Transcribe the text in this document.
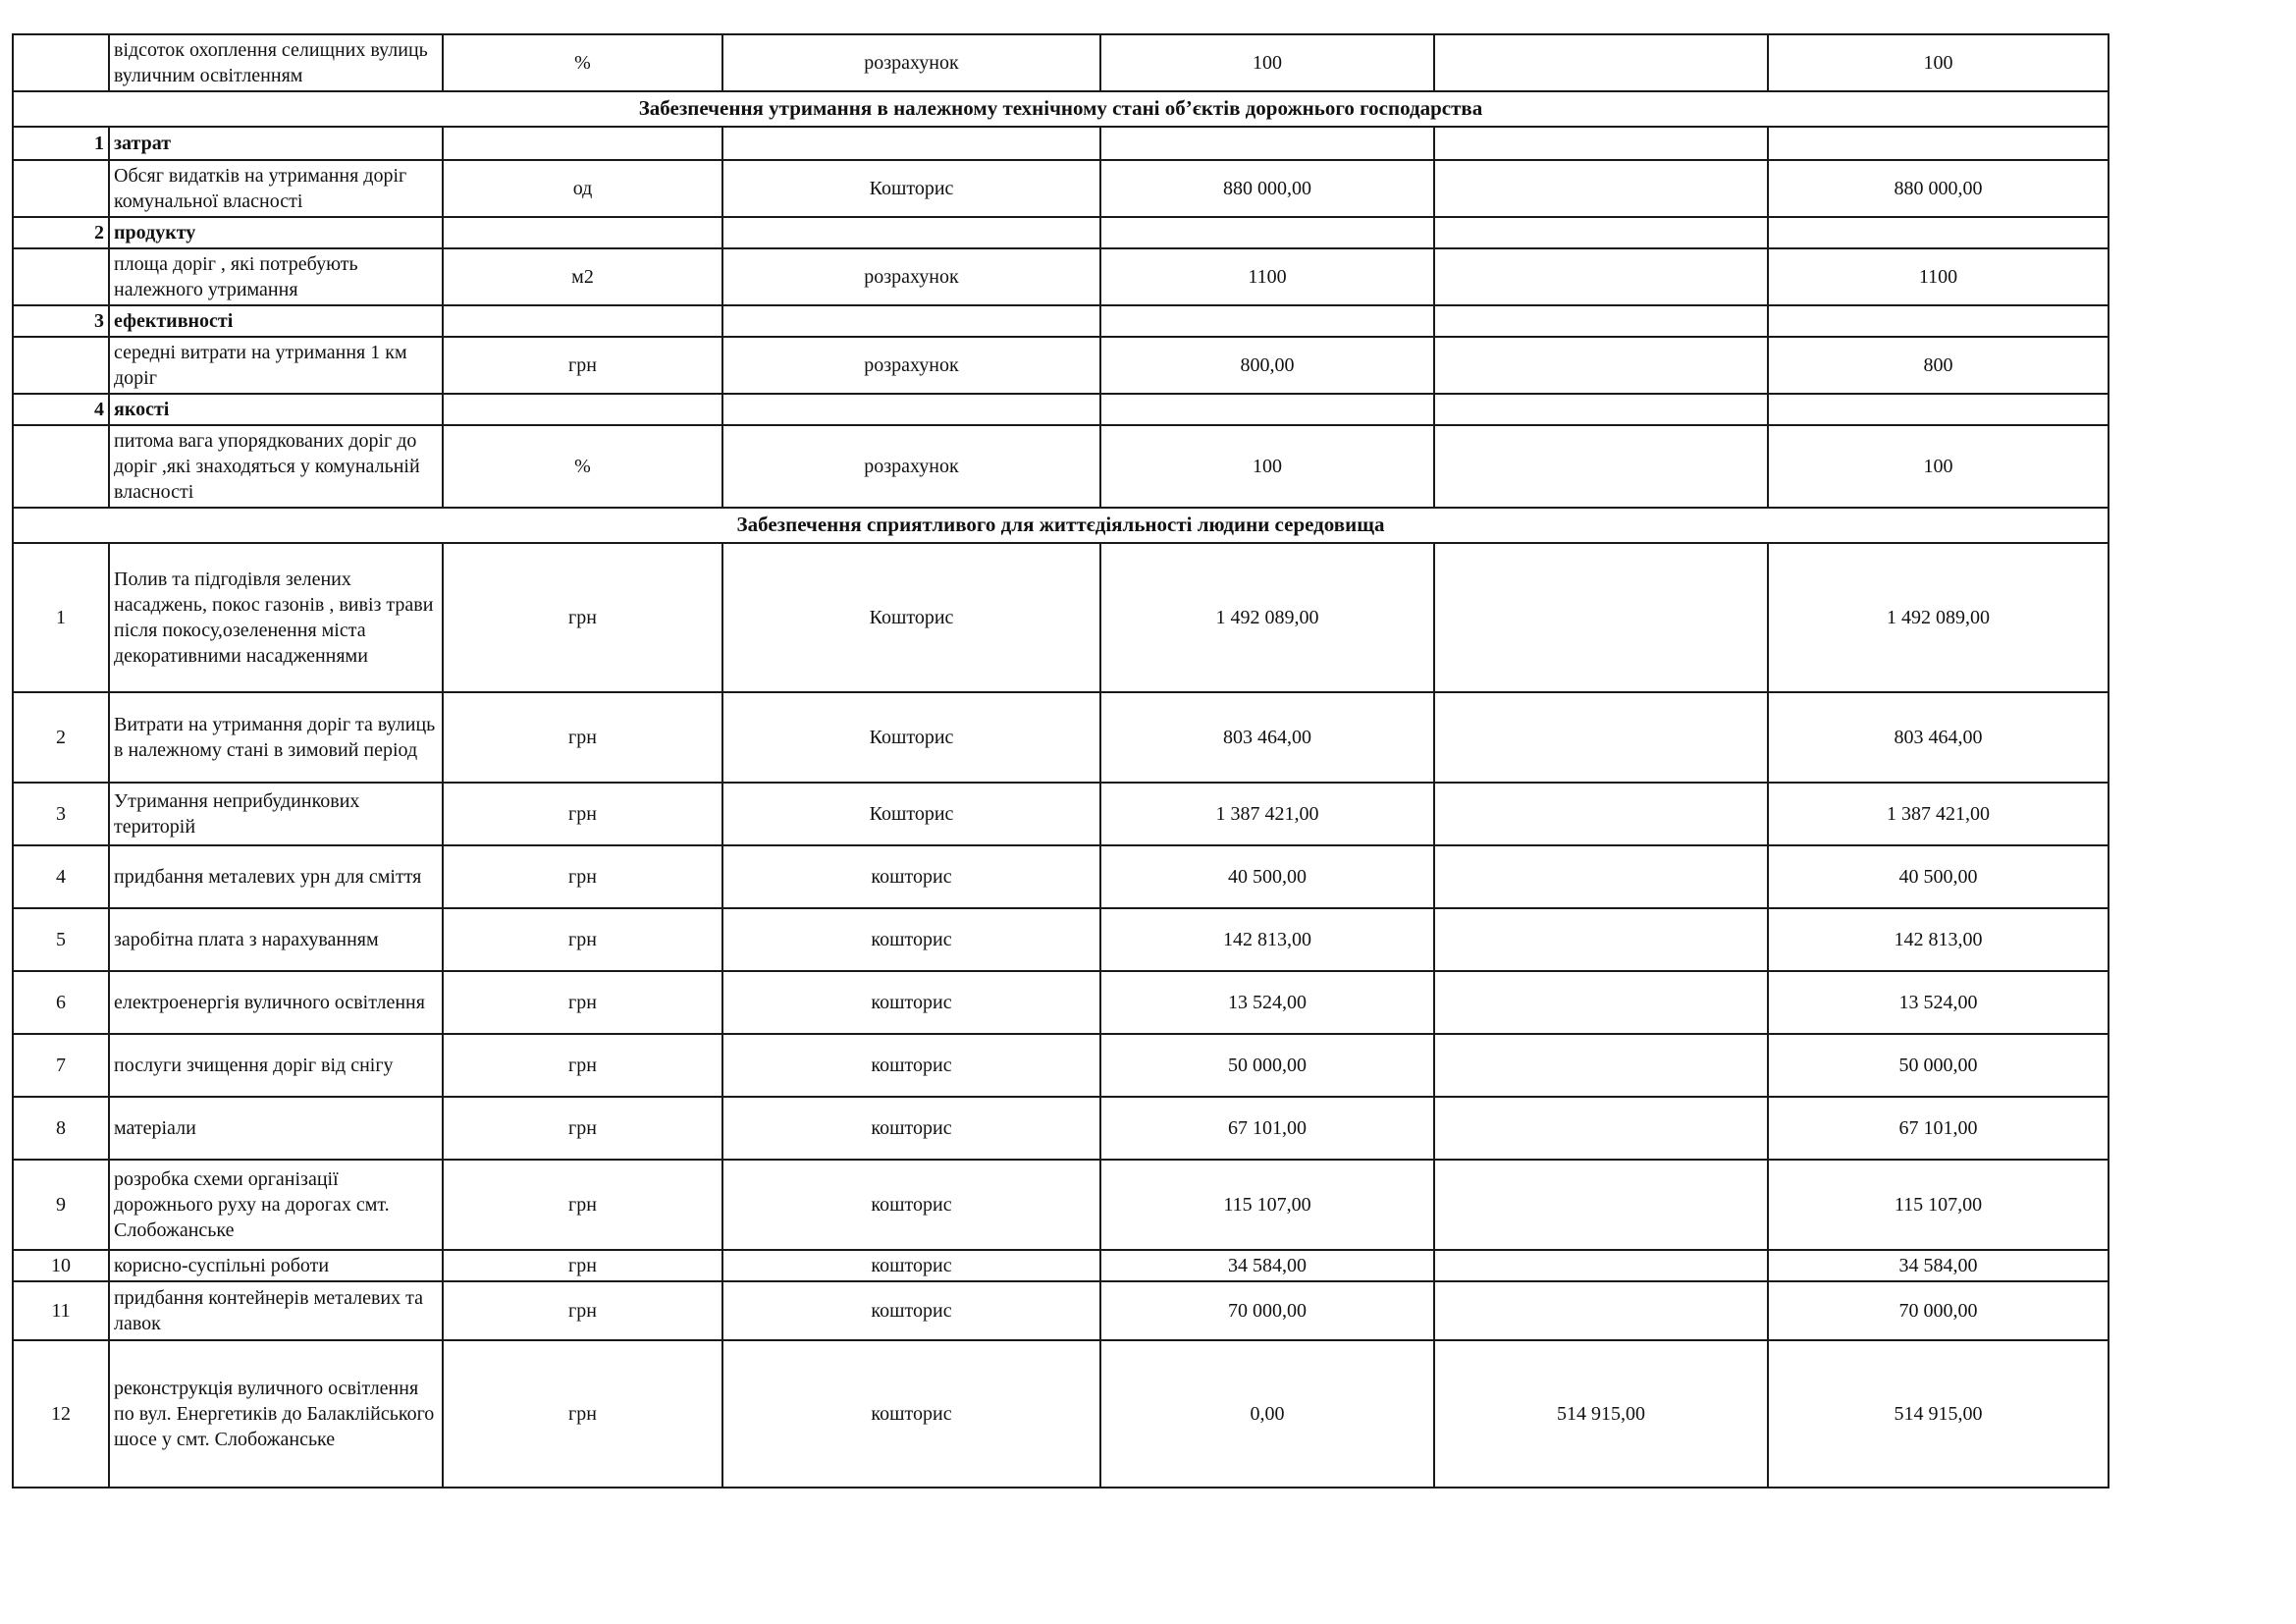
	відсоток охоплення селищних вулиць вуличним освітленням	%	розрахунок	100		100
Забезпечення утримання в належному технічному стані об’єктів дорожнього господарства						
1	затрат					
	Обсяг видатків на утримання доріг комунальної власності	од	Кошторис	880 000,00		880 000,00
2	продукту					
	площа доріг , які потребують належного утримання	м2	розрахунок	1100		1100
3	ефективності					
	середні витрати на утримання 1 км доріг	грн	розрахунок	800,00		800
4	якості					
	питома вага упорядкованих доріг до доріг ,які знаходяться у комунальній власності	%	розрахунок	100		100
Забезпечення сприятливого для життєдіяльності людини середовища						
1	Полив та підгодівля зелених насаджень, покос газонів , вивіз трави після покосу,озеленення міста декоративними насадженнями	грн	Кошторис	1 492 089,00		1 492 089,00
2	Витрати на утримання доріг та вулиць в належному стані в зимовий період	грн	Кошторис	803 464,00		803 464,00
3	Утримання неприбудинкових територій	грн	Кошторис	1 387 421,00		1 387 421,00
4	придбання металевих урн для сміття	грн	кошторис	40 500,00		40 500,00
5	заробітна плата з нарахуванням	грн	кошторис	142 813,00		142 813,00
6	електроенергія вуличного освітлення	грн	кошторис	13 524,00		13 524,00
7	послуги зчищення доріг від снігу	грн	кошторис	50 000,00		50 000,00
8	матеріали	грн	кошторис	67 101,00		67 101,00
9	розробка схеми організації дорожнього руху на дорогах смт. Слобожанське	грн	кошторис	115 107,00		115 107,00
10	корисно-суспільні роботи	грн	кошторис	34 584,00		34 584,00
11	придбання контейнерів металевих та лавок	грн	кошторис	70 000,00		70 000,00
12	реконструкція вуличного освітлення по вул. Енергетиків до Балаклійського шосе у смт. Слобожанське	грн	кошторис	0,00	514 915,00	514 915,00
